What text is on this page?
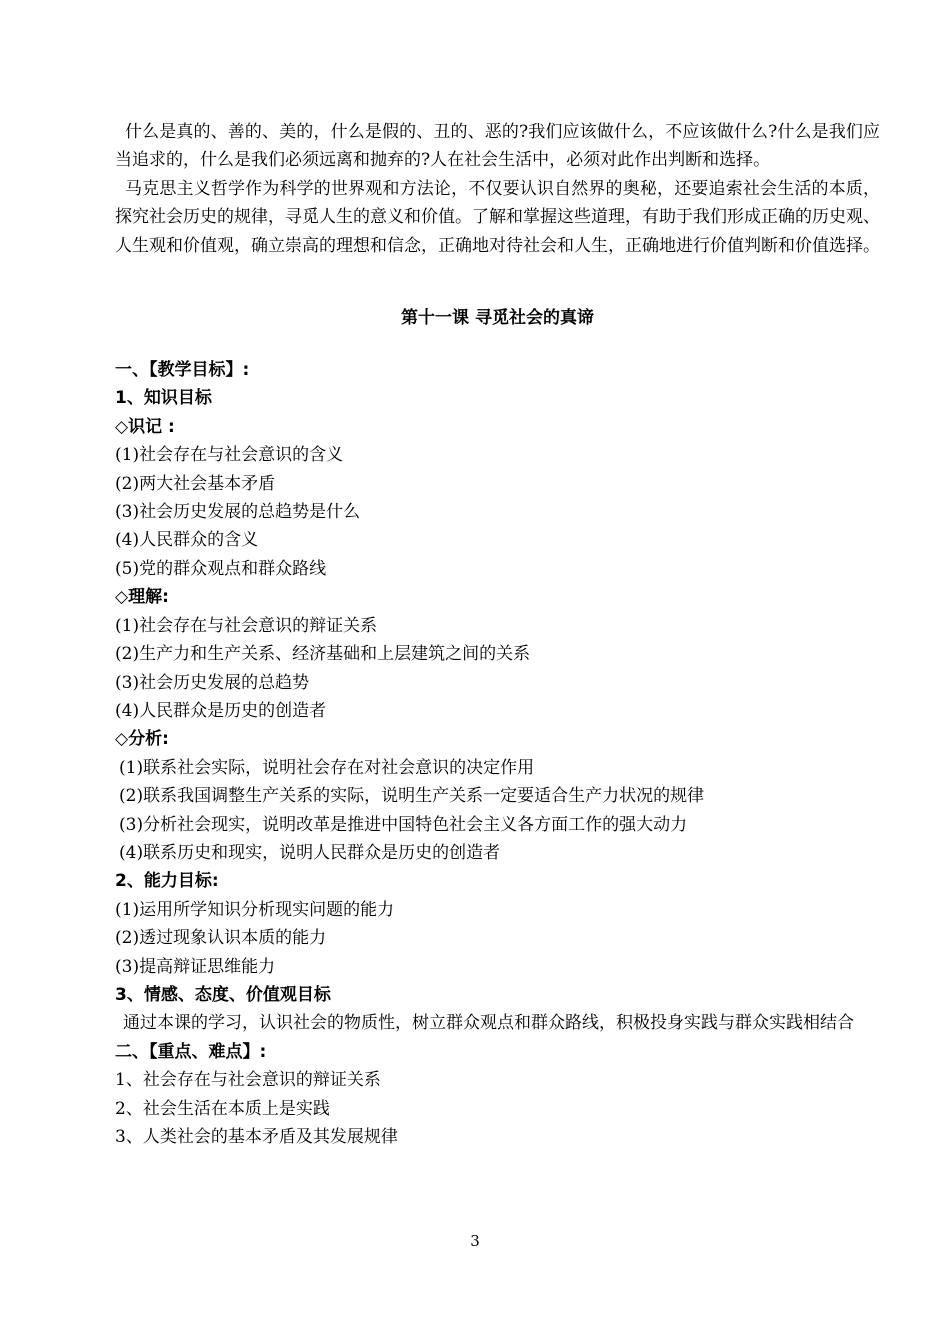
什么是真的、善的、美的，什么是假的、丑的、恶的?我们应该做什么，不应该做什么?什么是我们应当追求的，什么是我们必须远离和抛弃的?人在社会生活中，必须对此作出判断和选择。

马克思主义哲学作为科学的世界观和方法论，不仅要认识自然界的奥秘，还要追索社会生活的本质，探究社会历史的规律，寻觅人生的意义和价值。了解和掌握这些道理，有助于我们形成正确的历史观、人生观和价值观，确立崇高的理想和信念，正确地对待社会和人生，正确地进行价值判断和价值选择。

第十一课 寻觅社会的真谛

一、【教学目标】:

1、知识目标

◇识记 :

(1)社会存在与社会意识的含义

(2)两大社会基本矛盾

(3)社会历史发展的总趋势是什么

(4)人民群众的含义

(5)党的群众观点和群众路线

◇理解:

(1)社会存在与社会意识的辩证关系

(2)生产力和生产关系、经济基础和上层建筑之间的关系

(3)社会历史发展的总趋势

(4)人民群众是历史的创造者

◇分析:

(1)联系社会实际，说明社会存在对社会意识的决定作用

(2)联系我国调整生产关系的实际，说明生产关系一定要适合生产力状况的规律

(3)分析社会现实，说明改革是推进中国特色社会主义各方面工作的强大动力

(4)联系历史和现实，说明人民群众是历史的创造者

2、能力目标:

(1)运用所学知识分析现实问题的能力

(2)透过现象认识本质的能力

(3)提高辩证思维能力

3、情感、态度、价值观目标

通过本课的学习，认识社会的物质性，树立群众观点和群众路线，积极投身实践与群众实践相结合

二、【重点、难点】:

1、社会存在与社会意识的辩证关系

2、社会生活在本质上是实践

3、人类社会的基本矛盾及其发展规律

3
